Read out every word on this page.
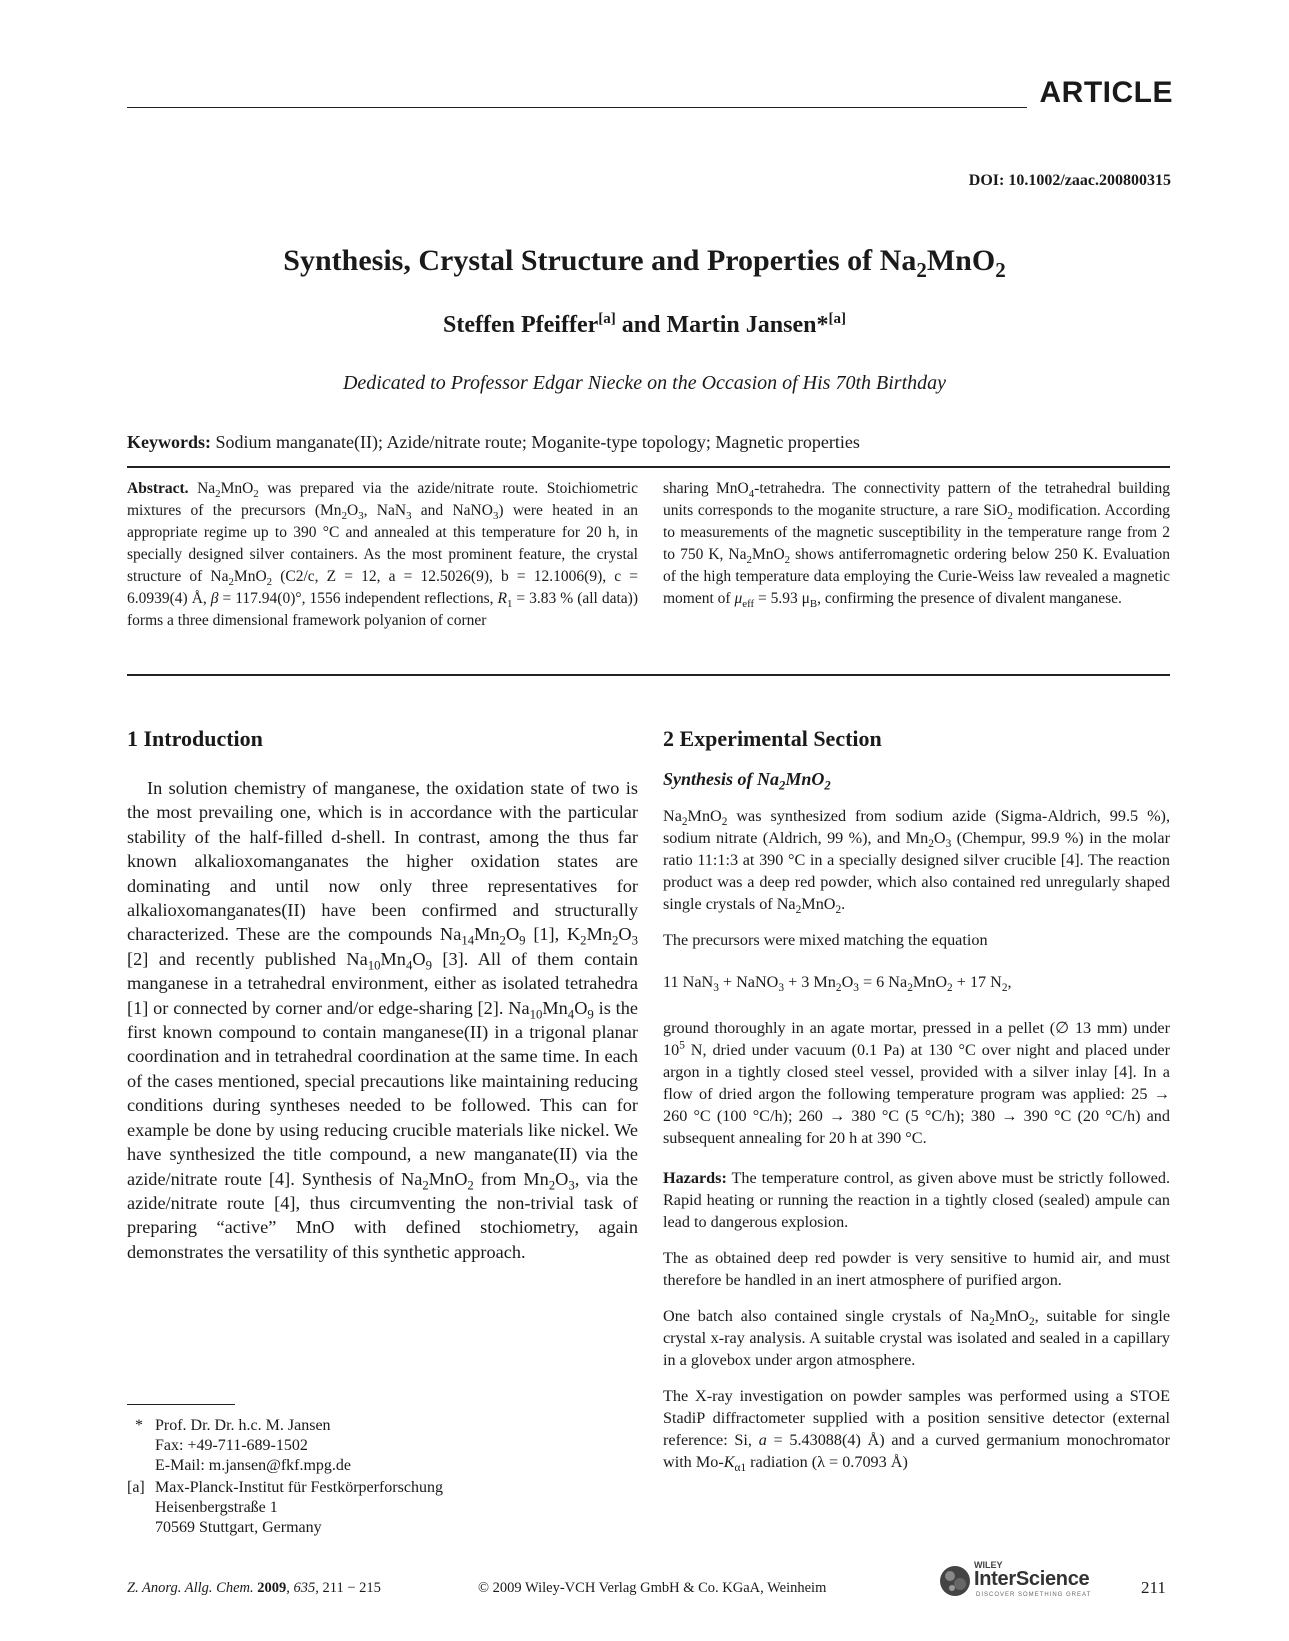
ARTICLE
DOI: 10.1002/zaac.200800315
Synthesis, Crystal Structure and Properties of $Na_2MnO_2$
Steffen Pfeiffer[a] and Martin Jansen*[a]
Dedicated to Professor Edgar Niecke on the Occasion of His 70th Birthday
Keywords: Sodium manganate(II); Azide/nitrate route; Moganite-type topology; Magnetic properties
Abstract. $Na_2MnO_2$ was prepared via the azide/nitrate route. Stoichiometric mixtures of the precursors ($Mn_2O_3$, NaN$_3$ and NaNO$_3$) were heated in an appropriate regime up to 390 °C and annealed at this temperature for 20 h, in specially designed silver containers. As the most prominent feature, the crystal structure of $Na_2MnO_2$ (C2/c, Z = 12, a = 12.5026(9), b = 12.1006(9), c = 6.0939(4) Å, β = 117.94(0)°, 1556 independent reflections, $R_1 = 3.83$ % (all data)) forms a three dimensional framework polyanion of corner
sharing MnO$_4$-tetrahedra. The connectivity pattern of the tetrahedral building units corresponds to the moganite structure, a rare SiO$_2$ modification. According to measurements of the magnetic susceptibility in the temperature range from 2 to 750 K, $Na_2MnO_2$ shows antiferromagnetic ordering below 250 K. Evaluation of the high temperature data employing the Curie-Weiss law revealed a magnetic moment of $\mu_{eff} = 5.93$ $\mu_B$, confirming the presence of divalent manganese.
1 Introduction
In solution chemistry of manganese, the oxidation state of two is the most prevailing one, which is in accordance with the particular stability of the half-filled d-shell. In contrast, among the thus far known alkalioxomanganates the higher oxidation states are dominating and until now only three representatives for alkalioxomanganates(II) have been confirmed and structurally characterized. These are the compounds $Na_{14}Mn_2O_9$ [1], $K_2Mn_2O_3$ [2] and recently published $Na_{10}Mn_4O_9$ [3]. All of them contain manganese in a tetrahedral environment, either as isolated tetrahedra [1] or connected by corner and/or edge-sharing [2]. $Na_{10}Mn_4O_9$ is the first known compound to contain manganese(II) in a trigonal planar coordination and in tetrahedral coordination at the same time. In each of the cases mentioned, special precautions like maintaining reducing conditions during syntheses needed to be followed. This can for example be done by using reducing crucible materials like nickel. We have synthesized the title compound, a new manganate(II) via the azide/nitrate route [4]. Synthesis of $Na_2MnO_2$ from $Mn_2O_3$, via the azide/nitrate route [4], thus circumventing the non-trivial task of preparing “active” MnO with defined stochiometry, again demonstrates the versatility of this synthetic approach.
* Prof. Dr. Dr. h.c. M. Jansen
Fax: +49-711-689-1502
E-Mail: m.jansen@fkf.mpg.de
[a] Max-Planck-Institut für Festkörperforschung
Heisenbergstraße 1
70569 Stuttgart, Germany
2 Experimental Section
Synthesis of $Na_2MnO_2$

$Na_2MnO_2$ was synthesized from sodium azide (Sigma-Aldrich, 99.5 %), sodium nitrate (Aldrich, 99 %), and $Mn_2O_3$ (Chempur, 99.9 %) in the molar ratio 11:1:3 at 390 °C in a specially designed silver crucible [4]. The reaction product was a deep red powder, which also contained red unregularly shaped single crystals of $Na_2MnO_2$.

The precursors were mixed matching the equation

11 NaN$_3$ + NaNO$_3$ + 3 $Mn_2O_3 = 6$ $Na_2MnO_2 + 17$ $N_2$,

ground thoroughly in an agate mortar, pressed in a pellet (∅ 13 mm) under $10^5$ N, dried under vacuum (0.1 Pa) at 130 °C over night and placed under argon in a tightly closed steel vessel, provided with a silver inlay [4]. In a flow of dried argon the following temperature program was applied: 25 → 260 °C (100 °C/h); 260 → 380 °C (5 °C/h); 380 → 390 °C (20 °C/h) and subsequent annealing for 20 h at 390 °C.

Hazards: The temperature control, as given above must be strictly followed. Rapid heating or running the reaction in a tightly closed (sealed) ampule can lead to dangerous explosion.

The as obtained deep red powder is very sensitive to humid air, and must therefore be handled in an inert atmosphere of purified argon.

One batch also contained single crystals of $Na_2MnO_2$, suitable for single crystal x-ray analysis. A suitable crystal was isolated and sealed in a capillary in a glovebox under argon atmosphere.

The X-ray investigation on powder samples was performed using a STOE StadiP diffractometer supplied with a position sensitive detector (external reference: Si, a = 5.43088(4) Å) and a curved germanium monochromator with $Mo-K_{\alpha 1}$ radiation (λ = 0.7093 Å)

Z. Anorg. Allg. Chem. 2009, 635, 211 − 215	© 2009 Wiley-VCH Verlag GmbH & Co. KGaA, Weinheim
WILEY
InterScience
DISCOVER SOMETHING GREAT	211
